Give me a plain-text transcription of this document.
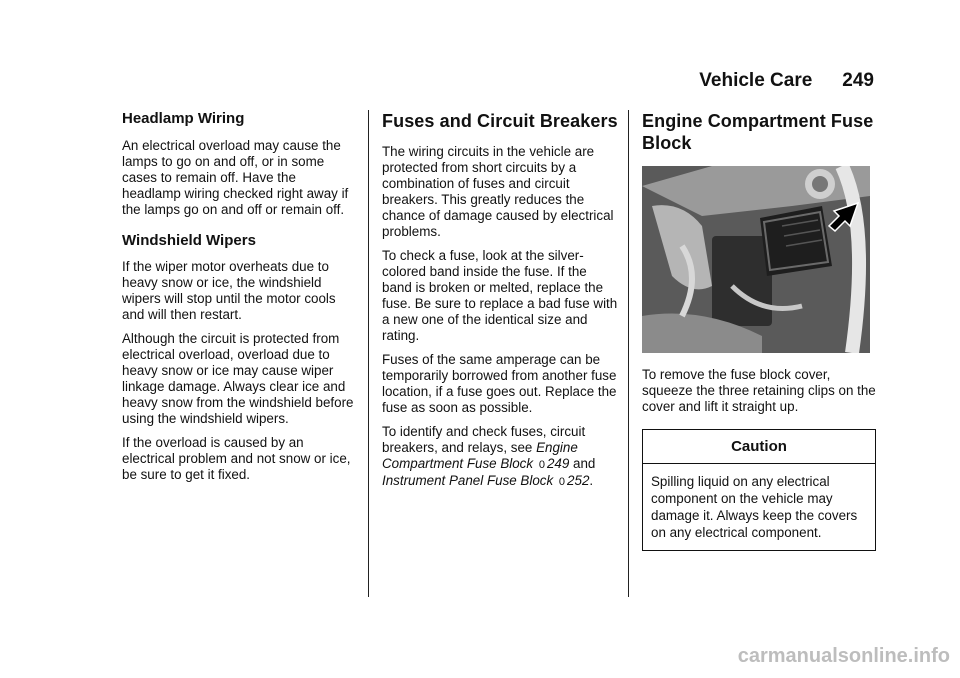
Vehicle Care 249
Headlamp Wiring

An electrical overload may cause the lamps to go on and off, or in some cases to remain off. Have the headlamp wiring checked right away if the lamps go on and off or remain off.

Windshield Wipers

If the wiper motor overheats due to heavy snow or ice, the windshield wipers will stop until the motor cools and will then restart.

Although the circuit is protected from electrical overload, overload due to heavy snow or ice may cause wiper linkage damage. Always clear ice and heavy snow from the windshield before using the windshield wipers.

If the overload is caused by an electrical problem and not snow or ice, be sure to get it fixed.

Fuses and Circuit Breakers

The wiring circuits in the vehicle are protected from short circuits by a combination of fuses and circuit breakers. This greatly reduces the chance of damage caused by electrical problems.

To check a fuse, look at the silver-colored band inside the fuse. If the band is broken or melted, replace the fuse. Be sure to replace a bad fuse with a new one of the identical size and rating.

Fuses of the same amperage can be temporarily borrowed from another fuse location, if a fuse goes out. Replace the fuse as soon as possible.

To identify and check fuses, circuit breakers, and relays, see Engine Compartment Fuse Block 0 249 and Instrument Panel Fuse Block 0 252.

Engine Compartment Fuse Block

To remove the fuse block cover, squeeze the three retaining clips on the cover and lift it straight up.

Caution
Spilling liquid on any electrical component on the vehicle may damage it. Always keep the covers on any electrical component.
carmanualsonline.info
